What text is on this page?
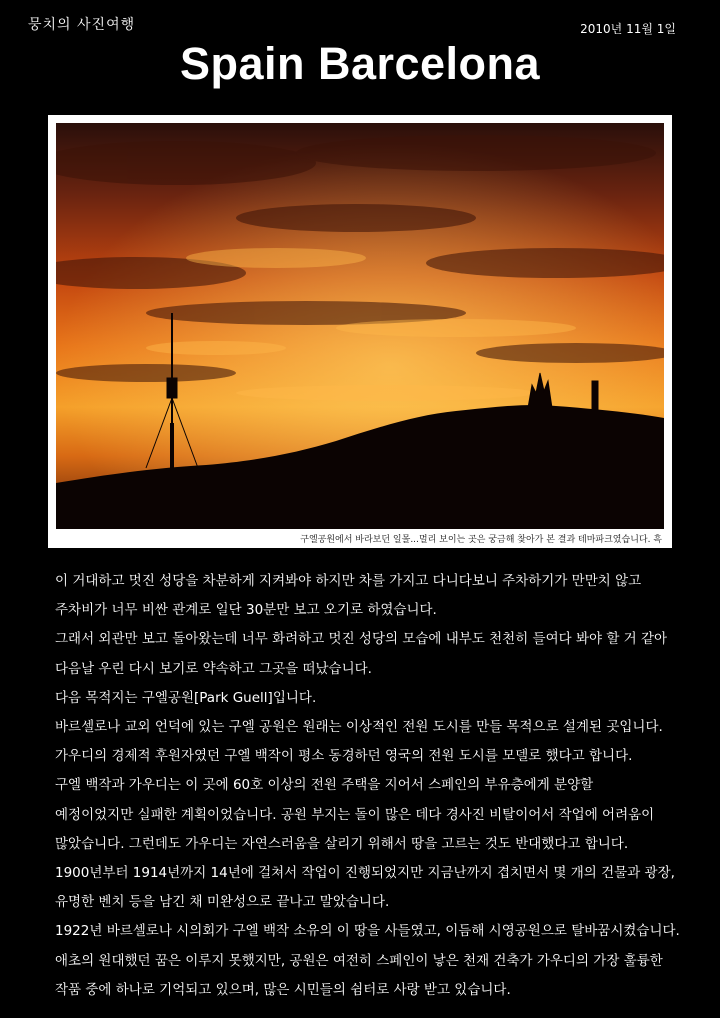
뭉치의 사진여행	2010년 11월 1일
Spain Barcelona
구엘공원에서 바라보던 일몰...멀리 보이는 곳은 궁금해 찾아가 본 결과 테마파크였습니다. 흑

이 거대하고 멋진 성당을 차분하게 지켜봐야 하지만 차를 가지고 다니다보니 주차하기가 만만치 않고

주차비가 너무 비싼 관계로 일단 30분만 보고 오기로 하였습니다.

그래서 외관만 보고 돌아왔는데 너무 화려하고 멋진 성당의 모습에 내부도 천천히 들여다 봐야 할 거 같아

다음날 우린 다시 보기로 약속하고 그곳을 떠났습니다.

다음 목적지는 구엘공원[Park Guell]입니다.

바르셀로나 교외 언덕에 있는 구엘 공원은 원래는 이상적인 전원 도시를 만들 목적으로 설계된 곳입니다.

가우디의 경제적 후원자였던 구엘 백작이 평소 동경하던 영국의 전원 도시를 모델로 했다고 합니다.

구엘 백작과 가우디는 이 곳에 60호 이상의 전원 주택을 지어서 스페인의 부유층에게 분양할

예정이었지만 실패한 계획이었습니다. 공원 부지는 돌이 많은 데다 경사진 비탈이어서 작업에 어려움이

많았습니다. 그런데도 가우디는 자연스러움을 살리기 위해서 땅을 고르는 것도 반대했다고 합니다.

1900년부터 1914년까지 14년에 걸쳐서 작업이 진행되었지만 지금난까지 겹치면서 몇 개의 건물과 광장,

유명한 벤치 등을 남긴 채 미완성으로 끝나고 말았습니다.

1922년 바르셀로나 시의회가 구엘 백작 소유의 이 땅을 사들였고, 이듬해 시영공원으로 탈바꿈시켰습니다.

애초의 원대했던 꿈은 이루지 못했지만, 공원은 여전히 스페인이 낳은 천재 건축가 가우디의 가장 훌륭한

작품 중에 하나로 기억되고 있으며, 많은 시민들의 쉼터로 사랑 받고 있습니다.
